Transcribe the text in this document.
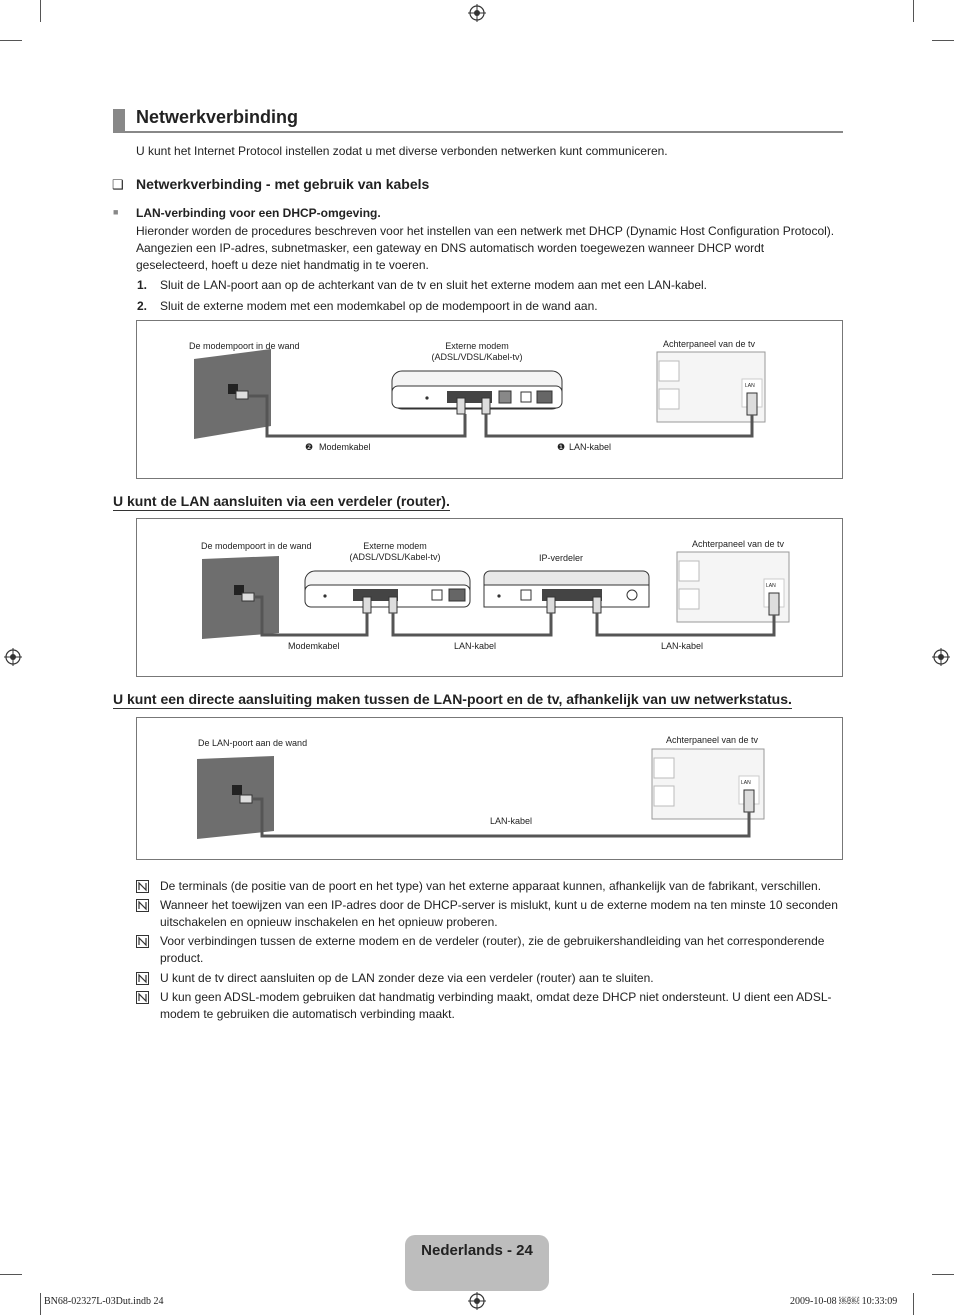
Netwerkverbinding
U kunt het Internet Protocol instellen zodat u met diverse verbonden netwerken kunt communiceren.
❑ Netwerkverbinding - met gebruik van kabels
■ LAN-verbinding voor een DHCP-omgeving.
Hieronder worden de procedures beschreven voor het instellen van een netwerk met DHCP (Dynamic Host Configuration Protocol). Aangezien een IP-adres, subnetmasker, een gateway en DNS automatisch worden toegewezen wanneer DHCP wordt geselecteerd, hoeft u deze niet handmatig in te voeren.
1. Sluit de LAN-poort aan op de achterkant van de tv en sluit het externe modem aan met een LAN-kabel.
2. Sluit de externe modem met een modemkabel op de modempoort in de wand aan.
De modempoort in de wand	Externe modem
(ADSL/VDSL/Kabel-tv)
Achterpaneel van de tv
LAN
❷ Modemkabel	❶ LAN-kabel
U kunt de LAN aansluiten via een verdeler (router).
De modempoort in de wand	Externe modem
(ADSL/VDSL/Kabel-tv)	IP-verdeler
Achterpaneel van de tv
LAN
Modemkabel	LAN-kabel	LAN-kabel
U kunt een directe aansluiting maken tussen de LAN-poort en de tv, afhankelijk van uw netwerkstatus.
De LAN-poort aan de wand	Achterpaneel van de tv
LAN
LAN-kabel
De terminals (de positie van de poort en het type) van het externe apparaat kunnen, afhankelijk van de fabrikant, verschillen.
Wanneer het toewijzen van een IP-adres door de DHCP-server is mislukt, kunt u de externe modem na ten minste 10 seconden uitschakelen en opnieuw inschakelen en het opnieuw proberen.
Voor verbindingen tussen de externe modem en de verdeler (router), zie de gebruikershandleiding van het corresponderende product.
U kunt de tv direct aansluiten op de LAN zonder deze via een verdeler (router) aan te sluiten.
U kun geen ADSL-modem gebruiken dat handmatig verbinding maakt, omdat deze DHCP niet ondersteunt. U dient een ADSL-modem te gebruiken die automatisch verbinding maakt.
Nederlands - 24
BN68-02327L-03Dut.indb 24	2009-10-08 ￼￼ 10:33:09
